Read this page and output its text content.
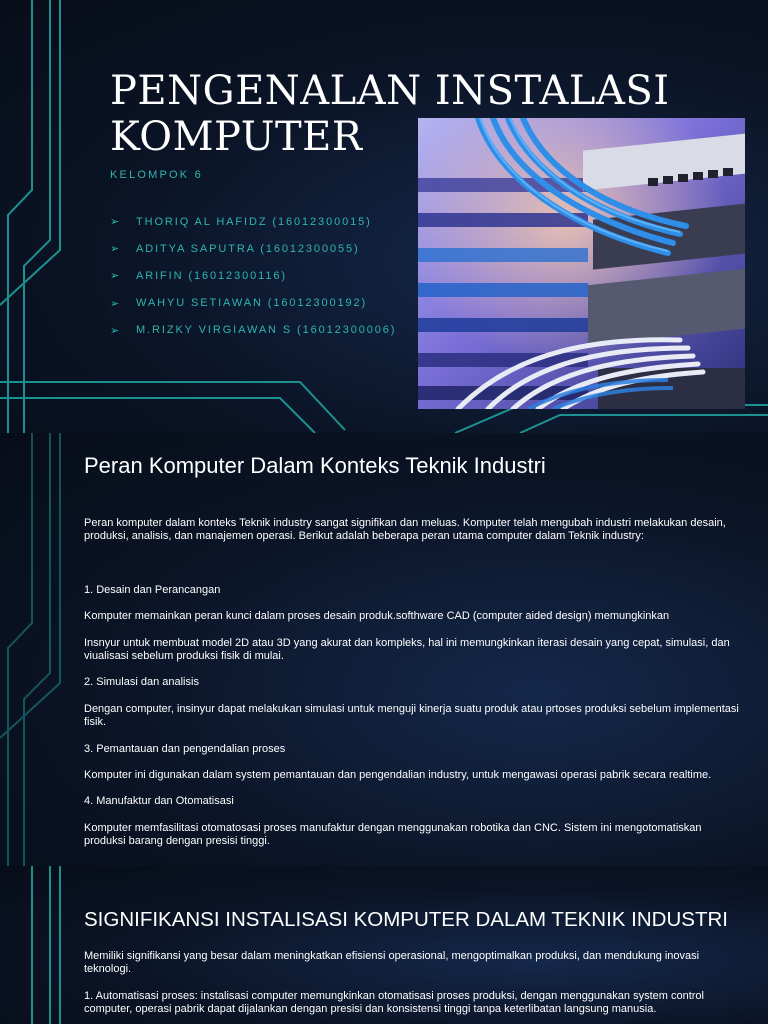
PENGENALAN INSTALASI
KOMPUTER
KELOMPOK 6
➢	THORIQ AL HAFIDZ (16012300015)
➢	ADITYA SAPUTRA (16012300055)
➢	ARIFIN (16012300116)
➢	WAHYU SETIAWAN (16012300192)
➢	M.RIZKY VIRGIAWAN S (16012300006)
Peran Komputer Dalam Konteks Teknik Industri

Peran komputer dalam konteks Teknik industry sangat signifikan dan meluas. Komputer telah mengubah industri melakukan desain, produksi, analisis, dan manajemen operasi. Berikut adalah beberapa peran utama computer dalam Teknik industry:

1. Desain dan Perancangan

Komputer memainkan peran kunci dalam proses desain produk.softhware CAD (computer aided design) memungkinkan

Insnyur untuk membuat model 2D atau 3D yang akurat dan kompleks, hal ini memungkinkan iterasi desain yang cepat, simulasi, dan viualisasi sebelum produksi fisik di mulai.

2. Simulasi dan analisis

Dengan computer, insinyur dapat melakukan simulasi untuk menguji kinerja suatu produk atau prtoses produksi sebelum implementasi fisik.

3. Pemantauan dan pengendalian proses

Komputer ini digunakan dalam system pemantauan dan pengendalian industry, untuk mengawasi operasi pabrik secara realtime.

4. Manufaktur dan Otomatisasi

Komputer memfasilitasi otomatosasi proses manufaktur dengan menggunakan robotika dan CNC. Sistem ini mengotomatiskan produksi barang dengan presisi tinggi.

SIGNIFIKANSI INSTALISASI KOMPUTER DALAM TEKNIK INDUSTRI

Memiliki signifikansi yang besar dalam meningkatkan efisiensi operasional, mengoptimalkan produksi, dan mendukung inovasi teknologi.

1. Automatisasi proses: instalisasi computer memungkinkan otomatisasi proses produksi, dengan menggunakan system control computer, operasi pabrik dapat dijalankan dengan presisi dan konsistensi tinggi tanpa keterlibatan langsung manusia.
